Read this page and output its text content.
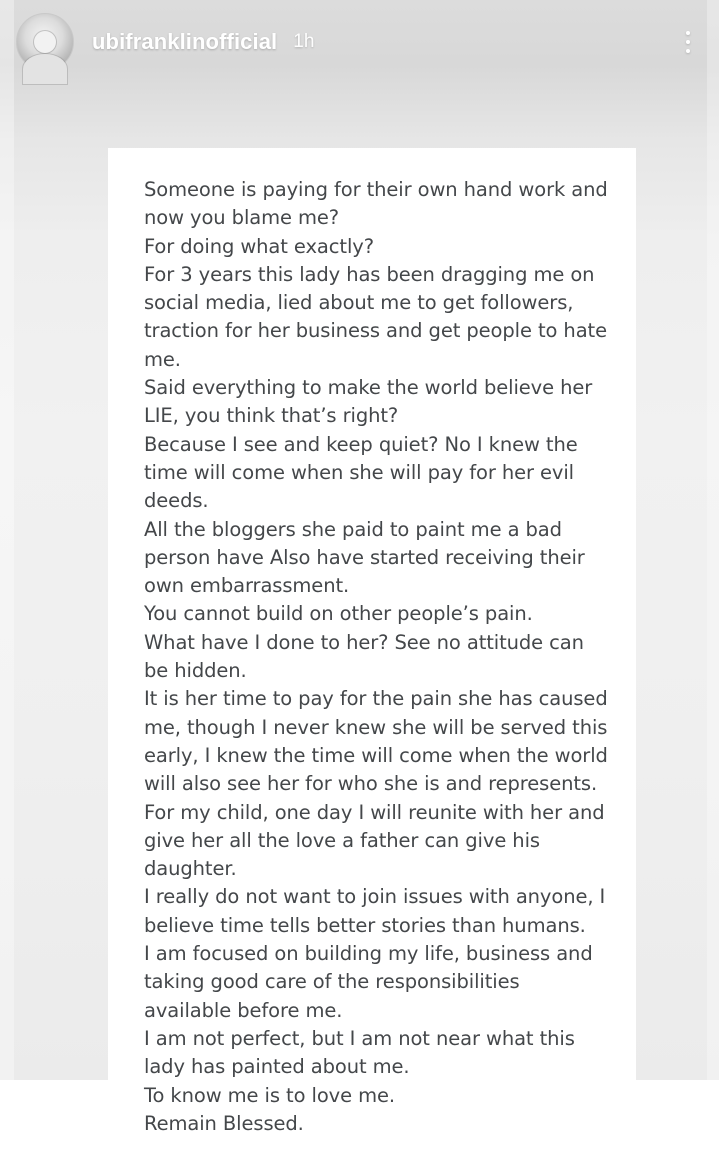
ubifranklinofficial 1h

Someone is paying for their own hand work and now you blame me?

For doing what exactly?

For 3 years this lady has been dragging me on social media, lied about me to get followers, traction for her business and get people to hate me.

Said everything to make the world believe her LIE, you think that’s right?

Because I see and keep quiet? No I knew the time will come when she will pay for her evil deeds.

All the bloggers she paid to paint me a bad person have Also have started receiving their own embarrassment.

You cannot build on other people’s pain.

What have I done to her? See no attitude can be hidden.

It is her time to pay for the pain she has caused me, though I never knew she will be served this early, I knew the time will come when the world will also see her for who she is and represents.

For my child, one day I will reunite with her and give her all the love a father can give his daughter.

I really do not want to join issues with anyone, I believe time tells better stories than humans.

I am focused on building my life, business and taking good care of the responsibilities available before me.

I am not perfect, but I am not near what this lady has painted about me.

To know me is to love me.

Remain Blessed.
